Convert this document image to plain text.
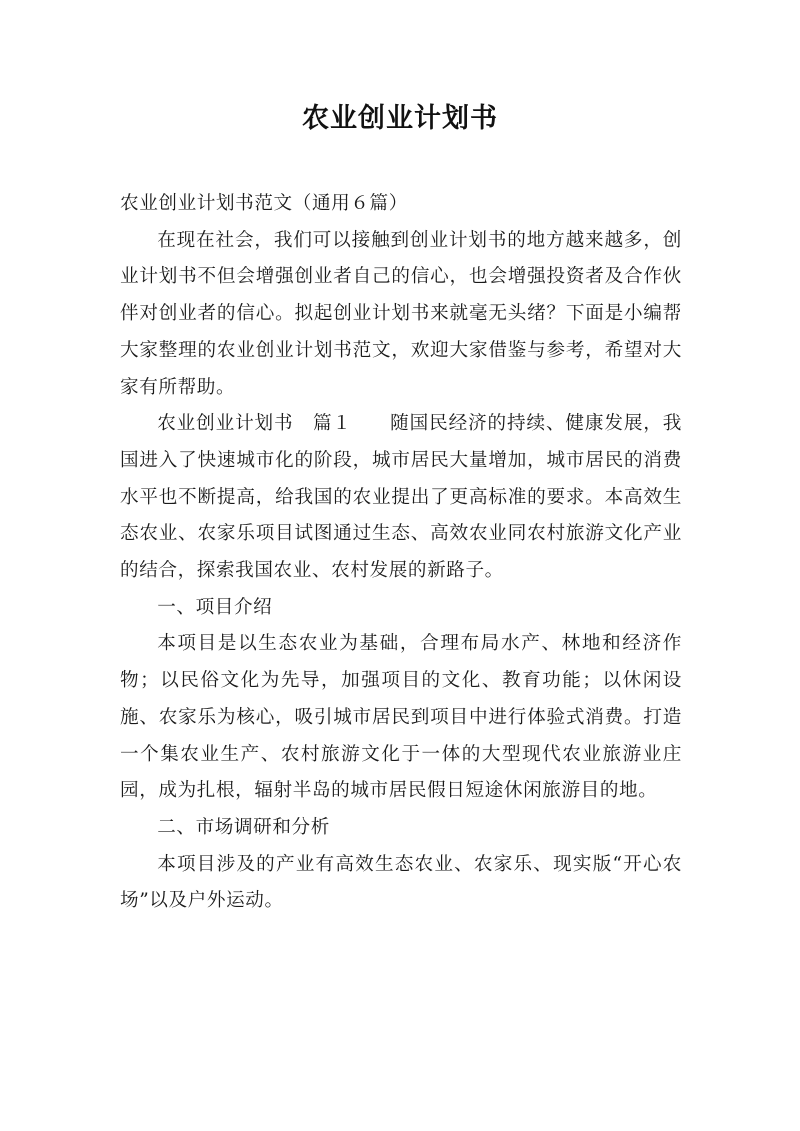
农业创业计划书

农业创业计划书范文（通用６篇）

在现在社会，我们可以接触到创业计划书的地方越来越多，创业计划书不但会增强创业者自己的信心，也会增强投资者及合作伙伴对创业者的信心。拟起创业计划书来就毫无头绪？下面是小编帮大家整理的农业创业计划书范文，欢迎大家借鉴与参考，希望对大家有所帮助。

农业创业计划书　篇１ 随国民经济的持续、健康发展，我国进入了快速城市化的阶段，城市居民大量增加，城市居民的消费水平也不断提高，给我国的农业提出了更高标准的要求。本高效生态农业、农家乐项目试图通过生态、高效农业同农村旅游文化产业的结合，探索我国农业、农村发展的新路子。

一、项目介绍

本项目是以生态农业为基础，合理布局水产、林地和经济作物；以民俗文化为先导，加强项目的文化、教育功能；以休闲设施、农家乐为核心，吸引城市居民到项目中进行体验式消费。打造一个集农业生产、农村旅游文化于一体的大型现代农业旅游业庄园，成为扎根，辐射半岛的城市居民假日短途休闲旅游目的地。

二、市场调研和分析

本项目涉及的产业有高效生态农业、农家乐、现实版“开心农场”以及户外运动。
